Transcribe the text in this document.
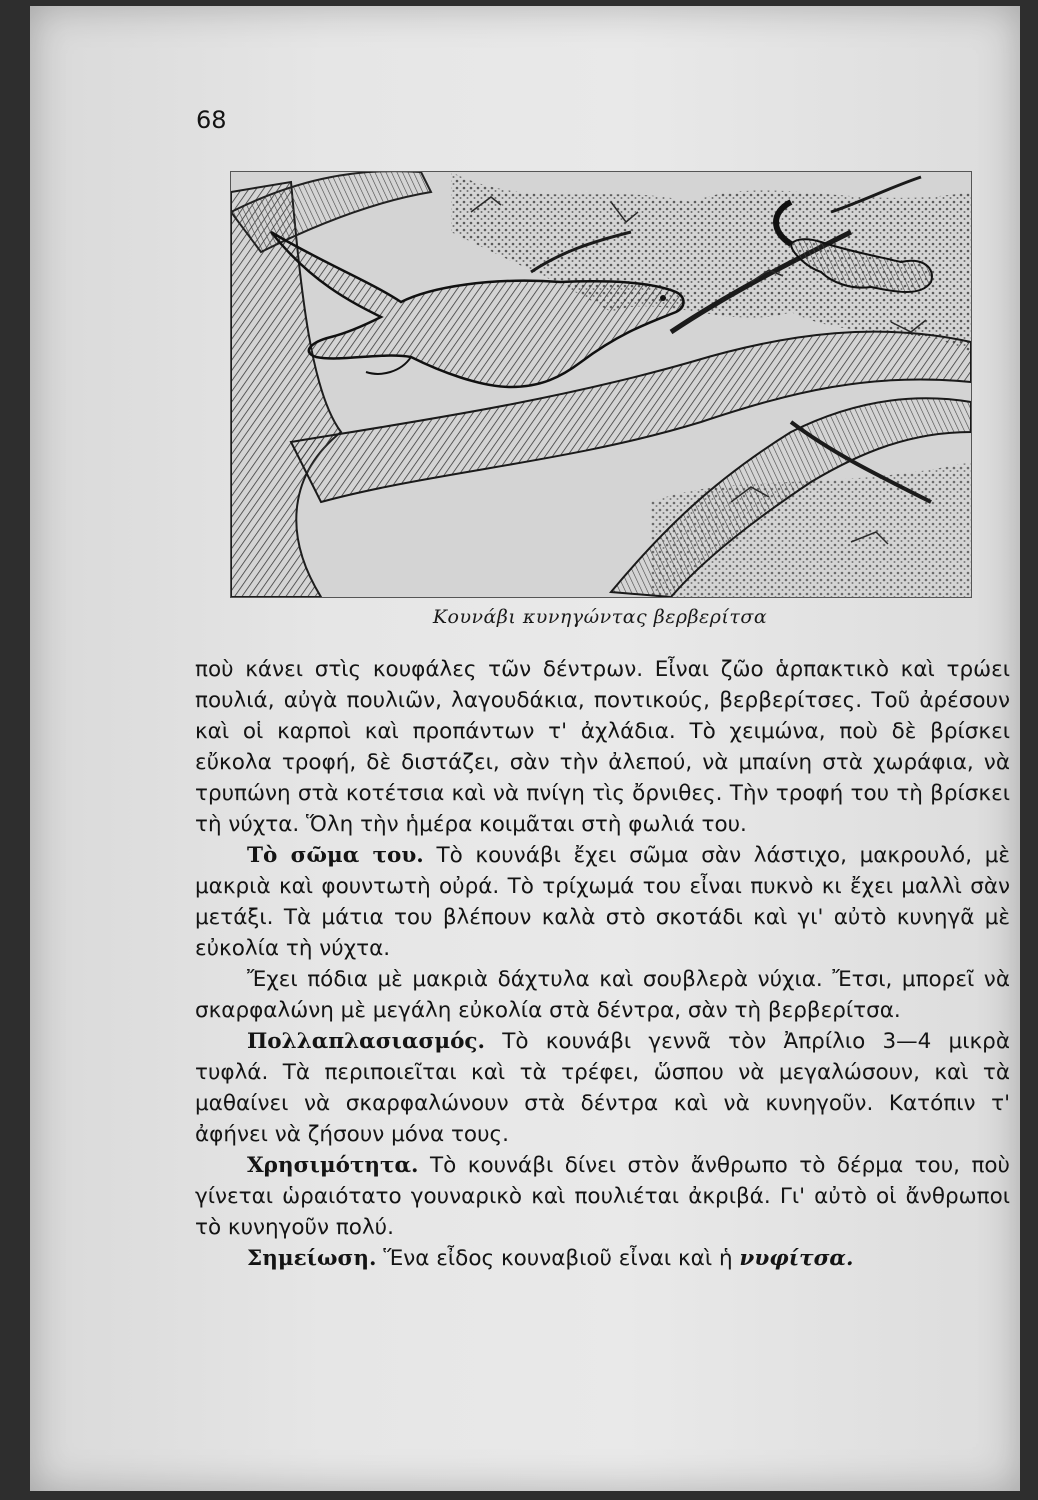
68
Κουνάβι κυνηγώντας βερβερίτσα

ποὺ κάνει στὶς κουφάλες τῶν δέντρων. Εἶναι ζῶο ἁρπακτικὸ καὶ τρώει πουλιά, αὐγὰ πουλιῶν, λαγουδάκια, ποντικούς, βερβερίτσες. Τοῦ ἀρέσουν καὶ οἱ καρποὶ καὶ προπάντων τ' ἀχλάδια. Τὸ χειμώνα, ποὺ δὲ βρίσκει εὔκολα τροφή, δὲ διστάζει, σὰν τὴν ἀλεπού, νὰ μπαίνη στὰ χωράφια, νὰ τρυπώνη στὰ κοτέτσια καὶ νὰ πνίγη τὶς ὄρνιθες. Τὴν τροφή του τὴ βρίσκει τὴ νύχτα. Ὅλη τὴν ἡμέρα κοιμᾶται στὴ φωλιά του.

Τὸ σῶμα του. Τὸ κουνάβι ἔχει σῶμα σὰν λάστιχο, μακρουλό, μὲ μακριὰ καὶ φουντωτὴ οὐρά. Τὸ τρίχωμά του εἶναι πυκνὸ κι ἔχει μαλλὶ σὰν μετάξι. Τὰ μάτια του βλέπουν καλὰ στὸ σκοτάδι καὶ γι' αὐτὸ κυνηγᾶ μὲ εὐκολία τὴ νύχτα.

Ἔχει πόδια μὲ μακριὰ δάχτυλα καὶ σουβλερὰ νύχια. Ἔτσι, μπορεῖ νὰ σκαρφαλώνη μὲ μεγάλη εὐκολία στὰ δέντρα, σὰν τὴ βερβερίτσα.

Πολλαπλασιασμός. Τὸ κουνάβι γεννᾶ τὸν Ἀπρίλιο 3—4 μικρὰ τυφλά. Τὰ περιποιεῖται καὶ τὰ τρέφει, ὥσπου νὰ μεγαλώσουν, καὶ τὰ μαθαίνει νὰ σκαρφαλώνουν στὰ δέντρα καὶ νὰ κυνηγοῦν. Κατόπιν τ' ἀφήνει νὰ ζήσουν μόνα τους.

Χρησιμότητα. Τὸ κουνάβι δίνει στὸν ἄνθρωπο τὸ δέρμα του, ποὺ γίνεται ὡραιότατο γουναρικὸ καὶ πουλιέται ἀκριβά. Γι' αὐτὸ οἱ ἄνθρωποι τὸ κυνηγοῦν πολύ.

Σημείωση. Ἕνα εἶδος κουναβιοῦ εἶναι καὶ ἡ νυφίτσα.
